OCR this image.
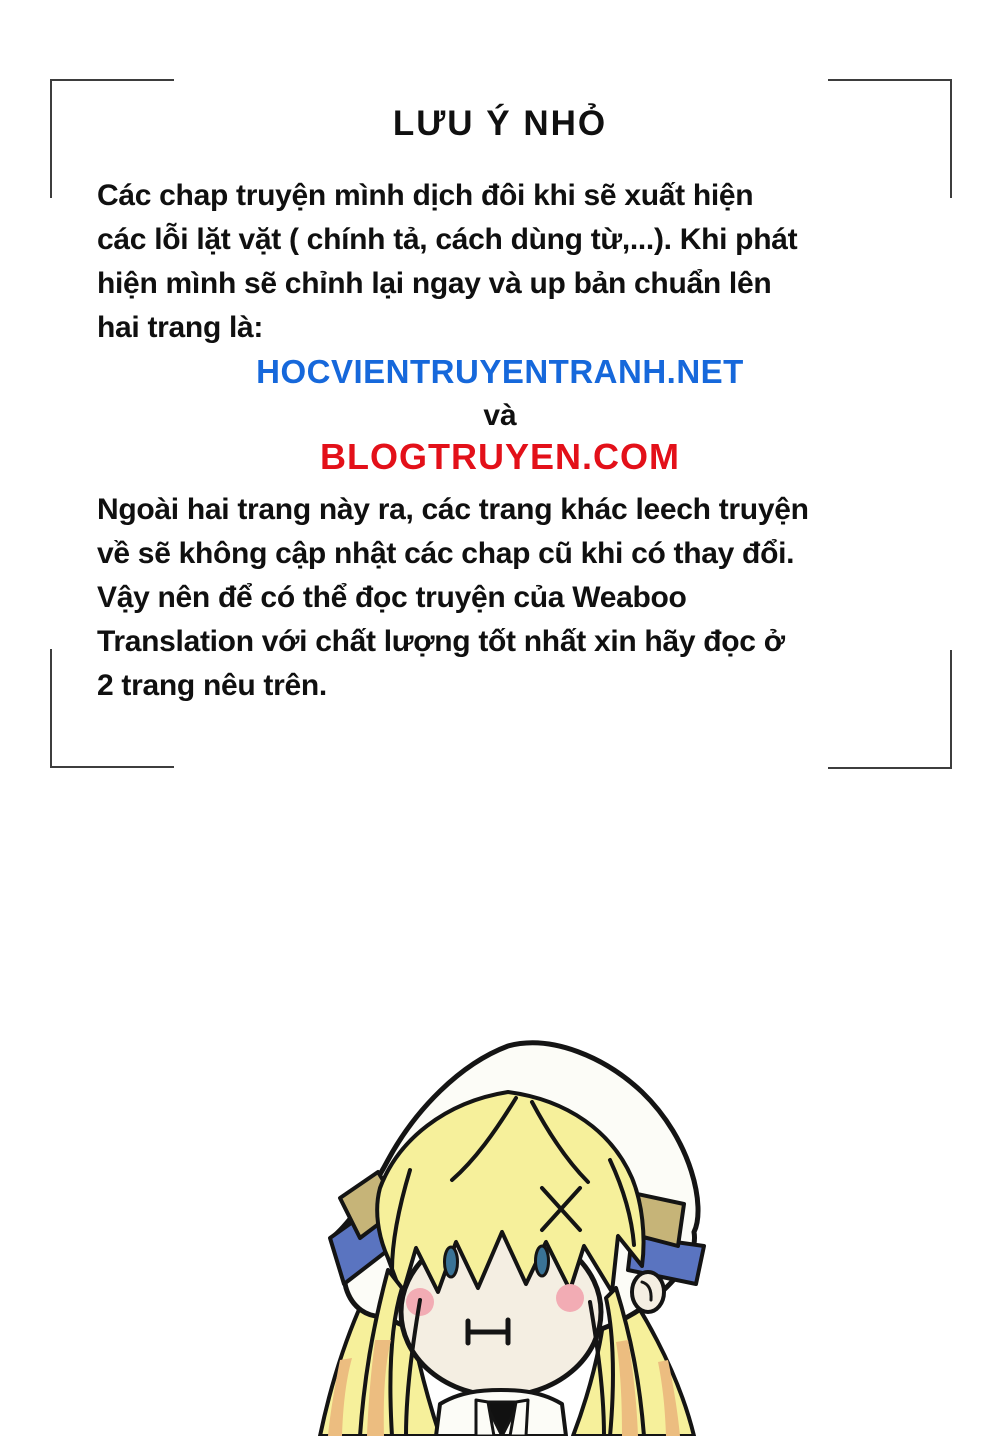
LƯU Ý NHỎ
Các chap truyện mình dịch đôi khi sẽ xuất hiện
các lỗi lặt vặt ( chính tả, cách dùng từ,...). Khi phát
hiện mình sẽ chỉnh lại ngay và up bản chuẩn lên
hai trang là:
HOCVIENTRUYENTRANH.NET
và
BLOGTRUYEN.COM
Ngoài hai trang này ra, các trang khác leech truyện
về sẽ không cập nhật các chap cũ khi có thay đổi.
Vậy nên để có thể đọc truyện của Weaboo
Translation với chất lượng tốt nhất xin hãy đọc ở
2 trang nêu trên.
